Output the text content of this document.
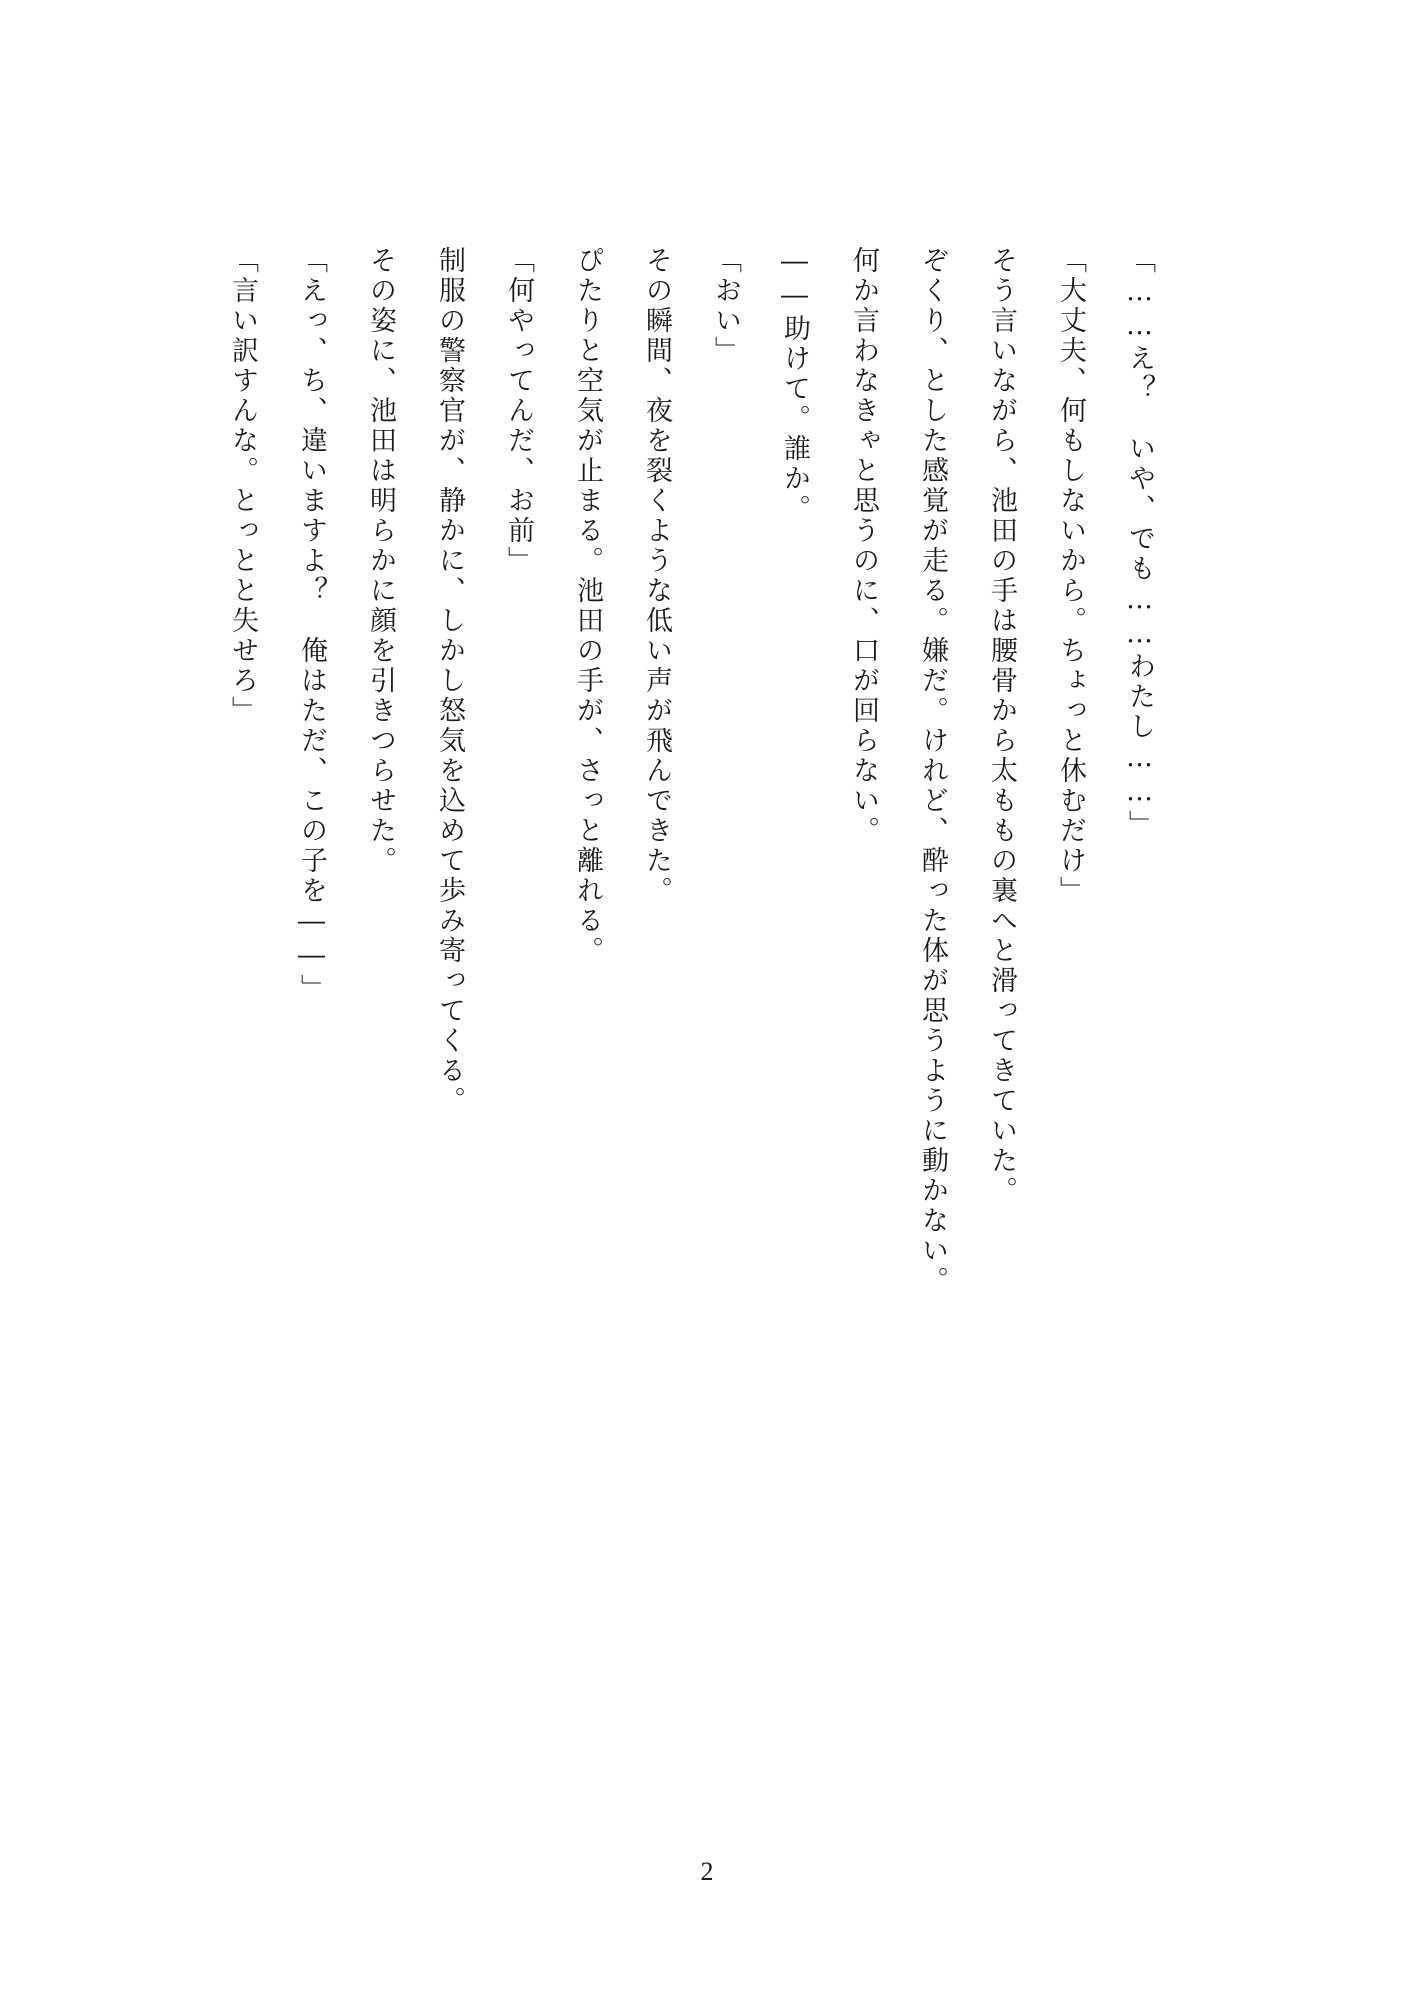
「……え？　いや、でも……わたし……」

「大丈夫、何もしないから。ちょっと休むだけ」

そう言いながら、池田の手は腰骨から太ももの裏へと滑ってきていた。

ぞくり、とした感覚が走る。嫌だ。けれど、酔った体が思うように動かない。

何か言わなきゃと思うのに、口が回らない。

――助けて。誰か。

「おい」

その瞬間、夜を裂くような低い声が飛んできた。

ぴたりと空気が止まる。池田の手が、さっと離れる。

「何やってんだ、お前」

制服の警察官が、静かに、しかし怒気を込めて歩み寄ってくる。

その姿に、池田は明らかに顔を引きつらせた。

「えっ、ち、違いますよ？　俺はただ、この子を――」

「言い訳すんな。とっとと失せろ」

2
